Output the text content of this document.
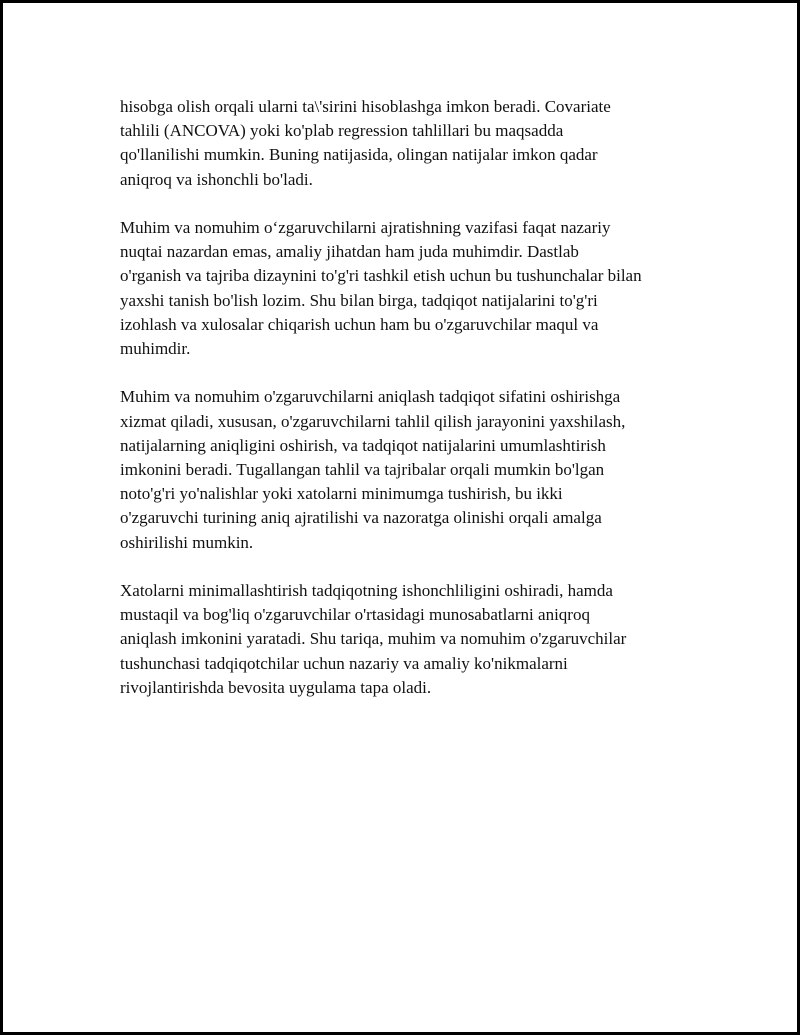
hisobga olish orqali ularni ta\'sirini hisoblashga imkon beradi. Covariate
tahlili (ANCOVA) yoki ko'plab regression tahlillari bu maqsadda
qo'llanilishi mumkin. Buning natijasida, olingan natijalar imkon qadar
aniqroq va ishonchli bo'ladi.

Muhim va nomuhim o‘zgaruvchilarni ajratishning vazifasi faqat nazariy
nuqtai nazardan emas, amaliy jihatdan ham juda muhimdir. Dastlab
o'rganish va tajriba dizaynini to'g'ri tashkil etish uchun bu tushunchalar bilan
yaxshi tanish bo'lish lozim. Shu bilan birga, tadqiqot natijalarini to'g'ri
izohlash va xulosalar chiqarish uchun ham bu o'zgaruvchilar maqul va
muhimdir.

Muhim va nomuhim o'zgaruvchilarni aniqlash tadqiqot sifatini oshirishga
xizmat qiladi, xususan, o'zgaruvchilarni tahlil qilish jarayonini yaxshilash,
natijalarning aniqligini oshirish, va tadqiqot natijalarini umumlashtirish
imkonini beradi. Tugallangan tahlil va tajribalar orqali mumkin bo'lgan
noto'g'ri yo'nalishlar yoki xatolarni minimumga tushirish, bu ikki
o'zgaruvchi turining aniq ajratilishi va nazoratga olinishi orqali amalga
oshirilishi mumkin.

Xatolarni minimallashtirish tadqiqotning ishonchliligini oshiradi, hamda
mustaqil va bog'liq o'zgaruvchilar o'rtasidagi munosabatlarni aniqroq
aniqlash imkonini yaratadi. Shu tariqa, muhim va nomuhim o'zgaruvchilar
tushunchasi tadqiqotchilar uchun nazariy va amaliy ko'nikmalarni
rivojlantirishda bevosita uygulama tapa oladi.
